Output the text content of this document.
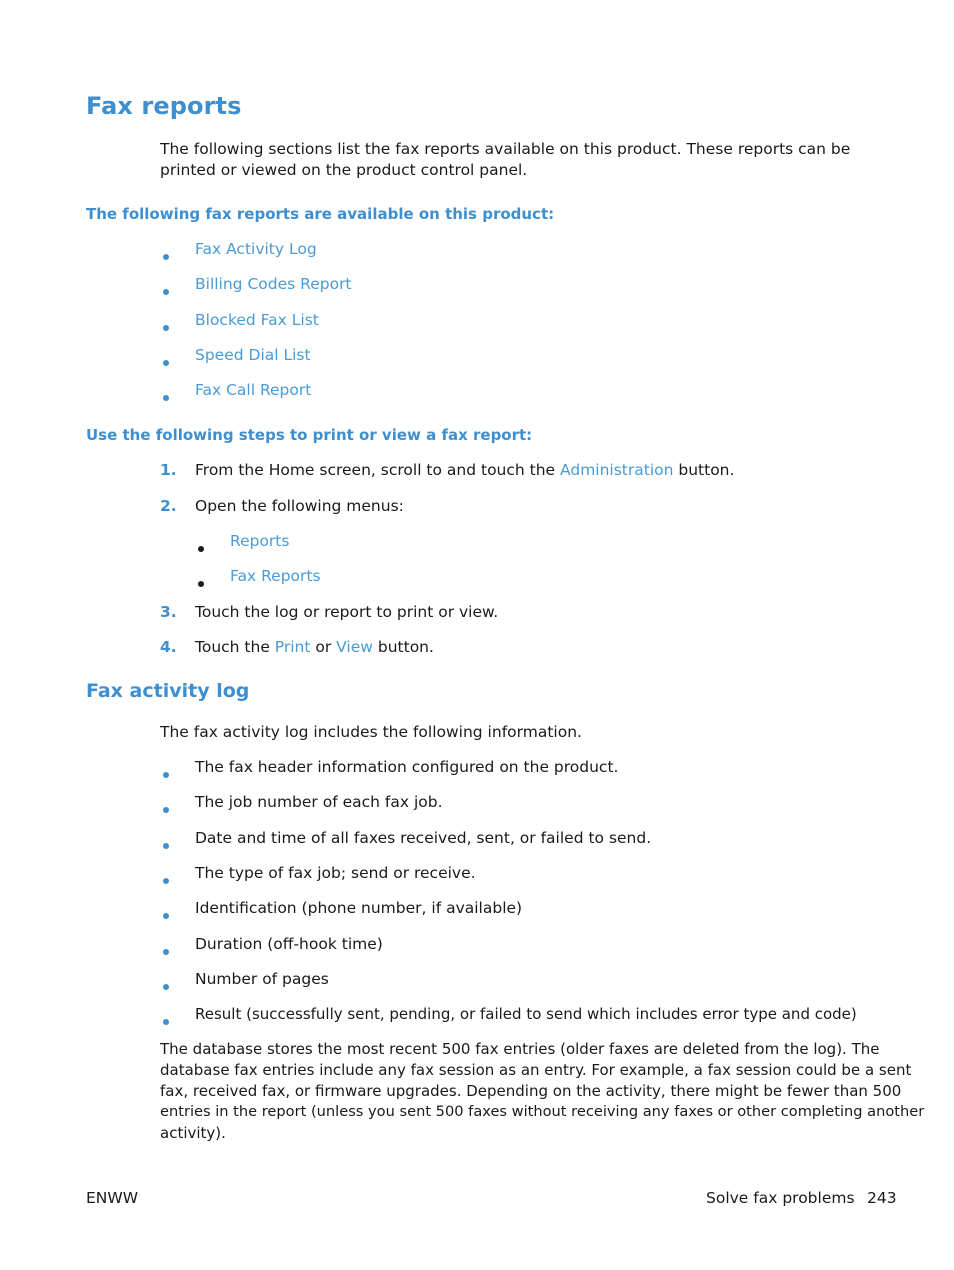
Fax reports
The following sections list the fax reports available on this product. These reports can be printed or viewed on the product control panel.
The following fax reports are available on this product:
Fax Activity Log
Billing Codes Report
Blocked Fax List
Speed Dial List
Fax Call Report
Use the following steps to print or view a fax report:
1. From the Home screen, scroll to and touch the Administration button.
2. Open the following menus:
Reports
Fax Reports
3. Touch the log or report to print or view.
4. Touch the Print or View button.
Fax activity log
The fax activity log includes the following information.
The fax header information configured on the product.
The job number of each fax job.
Date and time of all faxes received, sent, or failed to send.
The type of fax job; send or receive.
Identification (phone number, if available)
Duration (off-hook time)
Number of pages
Result (successfully sent, pending, or failed to send which includes error type and code)
The database stores the most recent 500 fax entries (older faxes are deleted from the log). The
database fax entries include any fax session as an entry. For example, a fax session could be a sent
fax, received fax, or firmware upgrades. Depending on the activity, there might be fewer than 500
entries in the report (unless you sent 500 faxes without receiving any faxes or other completing another
activity).
ENWW	Solve fax problems 243
